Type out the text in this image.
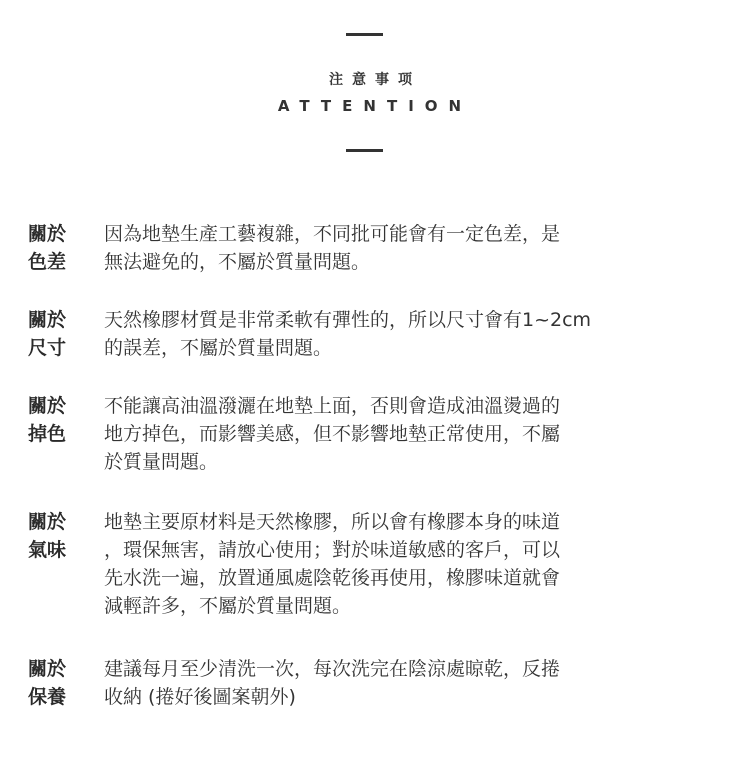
注意事项
ATTENTION
關於
色差
因為地墊生產工藝複雜，不同批可能會有一定色差，是
無法避免的，不屬於質量問題。
關於
尺寸
天然橡膠材質是非常柔軟有彈性的，所以尺寸會有1~2cm
的誤差，不屬於質量問題。
關於
掉色
不能讓高油溫潑灑在地墊上面，否則會造成油溫燙過的
地方掉色，而影響美感，但不影響地墊正常使用，不屬
於質量問題。
關於
氣味
地墊主要原材料是天然橡膠，所以會有橡膠本身的味道
，環保無害，請放心使用；對於味道敏感的客戶，可以
先水洗一遍，放置通風處陰乾後再使用，橡膠味道就會
減輕許多，不屬於質量問題。
關於
保養
建議每月至少清洗一次，每次洗完在陰涼處晾乾，反捲
收納 (捲好後圖案朝外)
